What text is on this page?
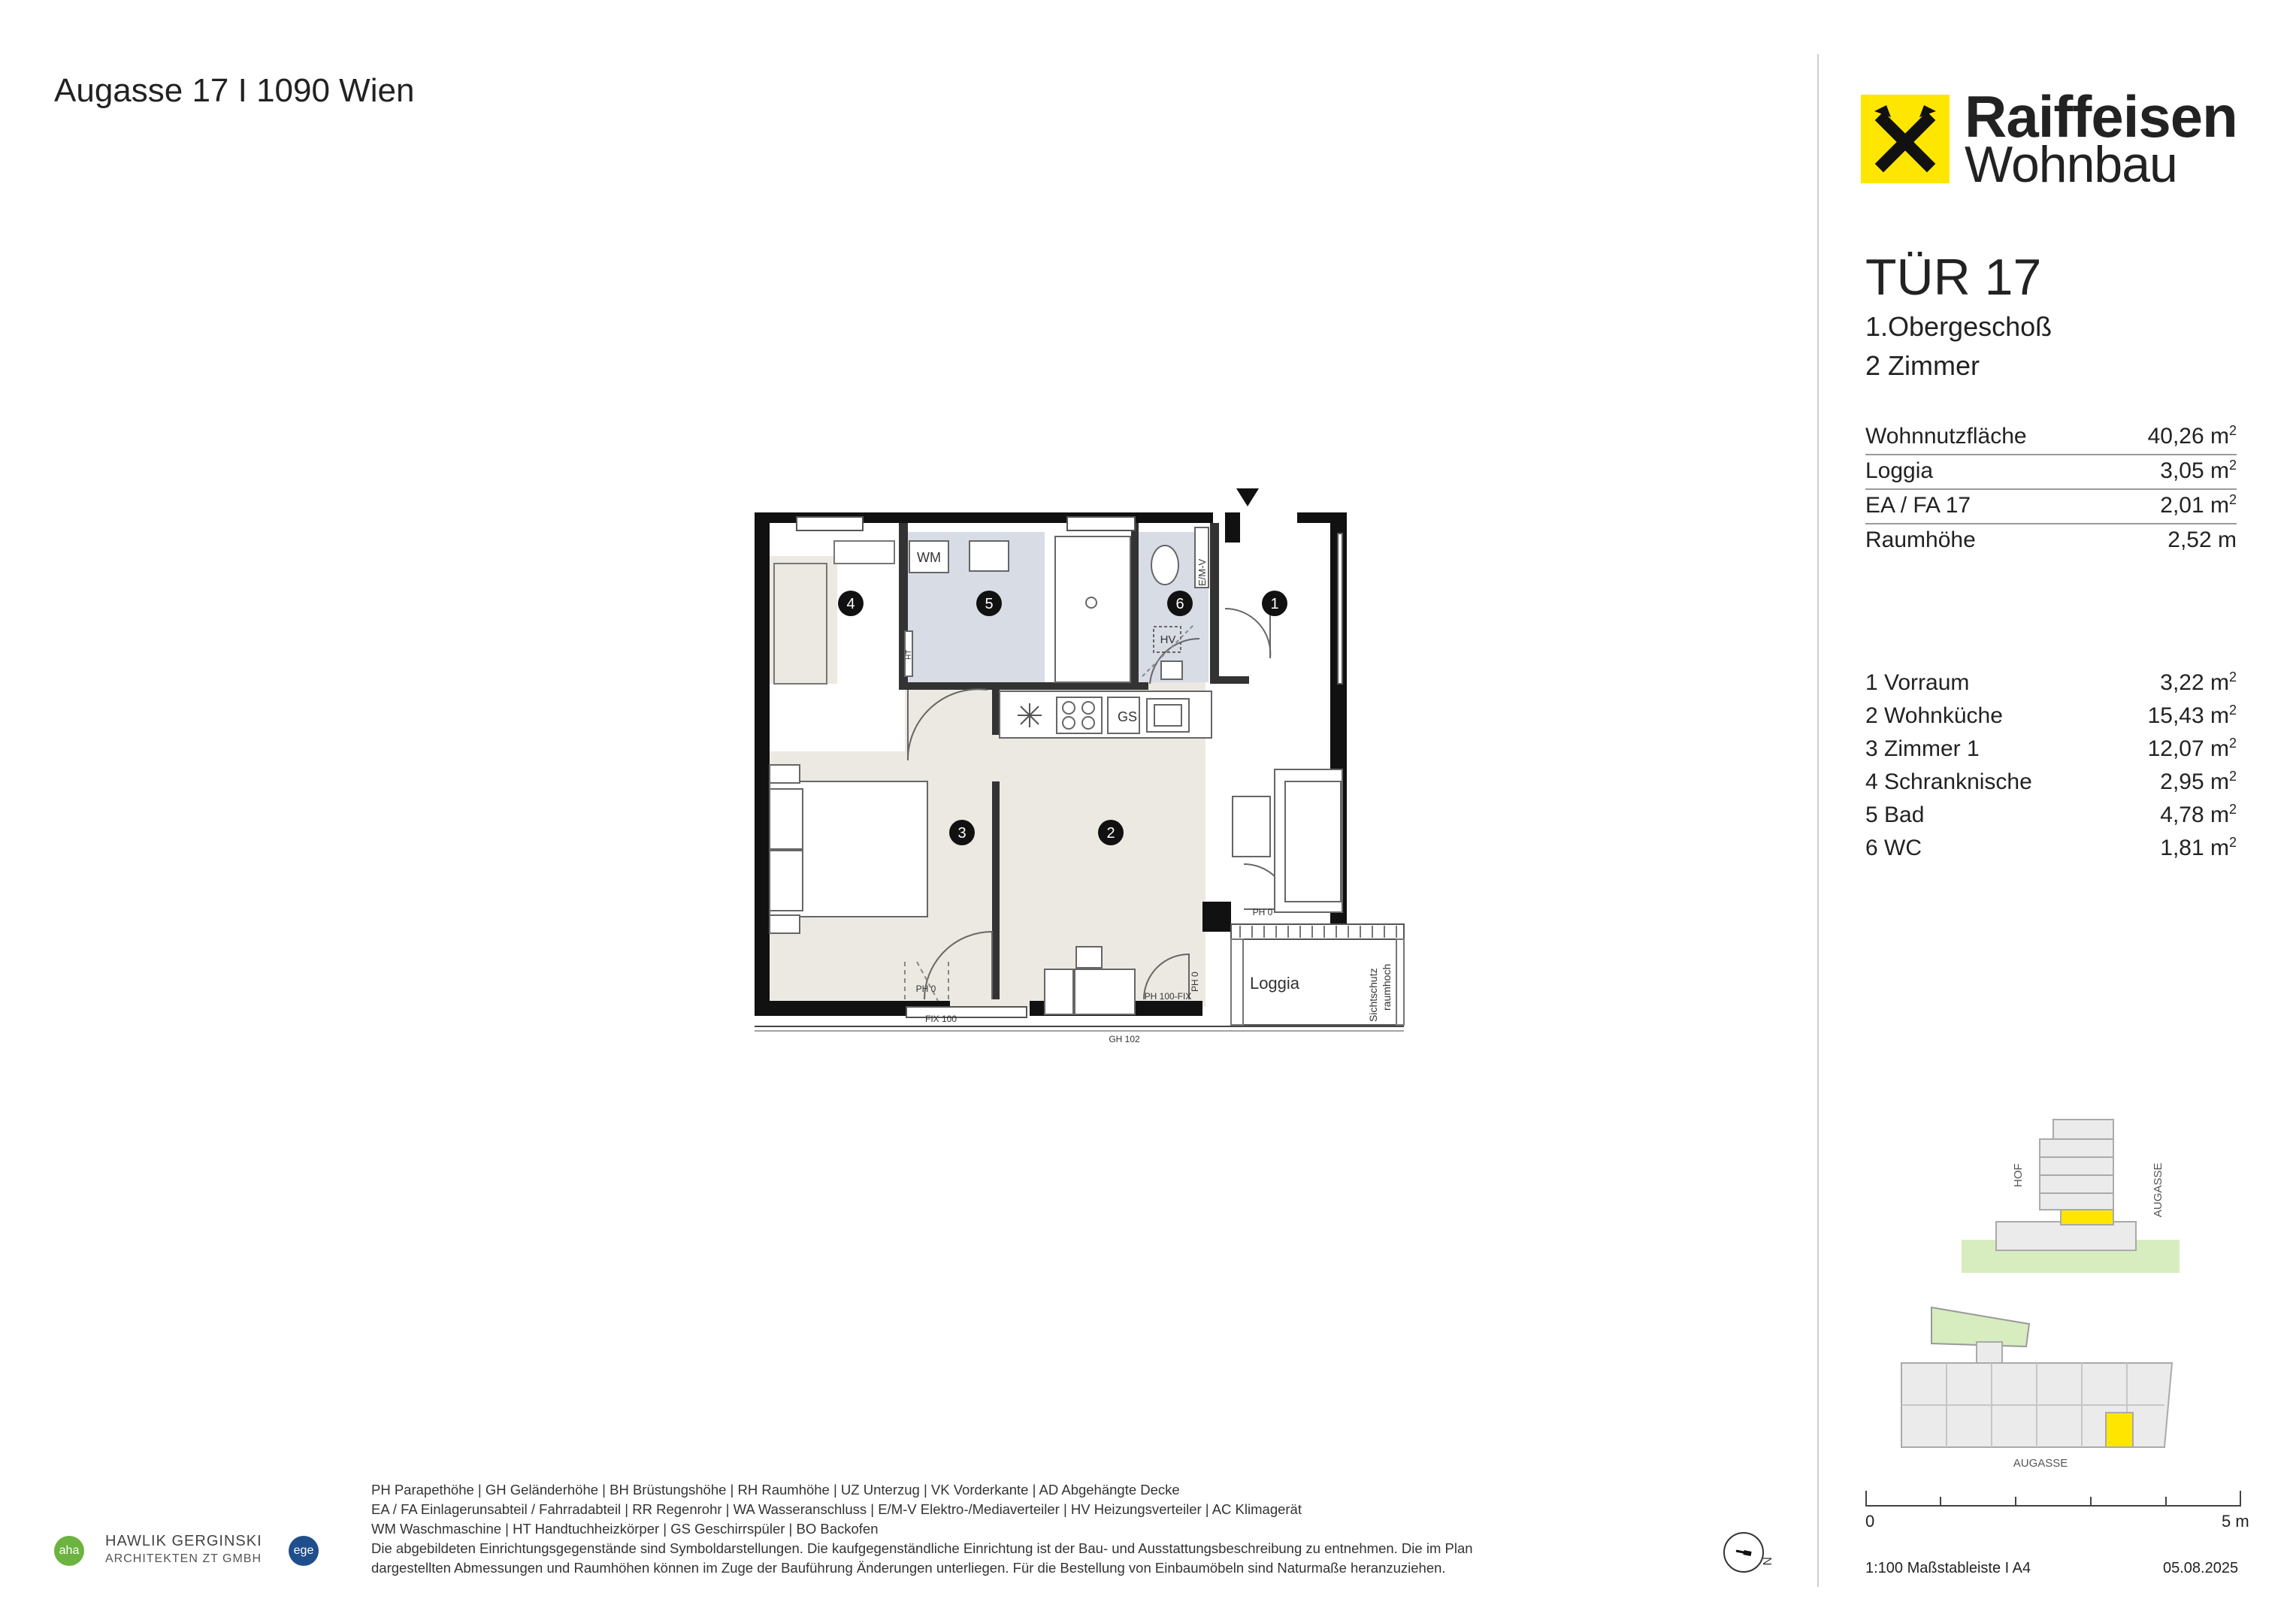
Augasse 17 I 1090 Wien	Raiffeisen
Wohnbau
TÜR 17
1.Obergeschoß
2 Zimmer
Wohnnutzfläche	40,26 $m^2$
Loggia	3,05 $m^2$
EA / FA 17	2,01 $m^2$
Raumhöhe	2,52 m
1 Vorraum	3,22 $m^2$
2 Wohnküche	15,43 $m^2$
3 Zimmer 1	12,07 $m^2$
4 Schranknische	2,95 $m^2$
5 Bad	4,78 $m^2$
6 WC	1,81 $m^2$
4	5	6	1
2
3
WM
GS
HV
E/M-V
HT
Loggia	Sichtschutz raumhoch
PH 0
PH 0
PH 0
PH 100-FIX
FIX 100
GH 102
HOF	AUGASSE
AUGASSE
0	5 m
1:100 Maßstableiste I A4	05.08.2025
N
aha
HAWLIK GERGINSKI
ARCHITEKTEN ZT GMBH
ege
PH Parapethöhe | GH Geländerhöhe | BH Brüstungshöhe | RH Raumhöhe | UZ Unterzug | VK Vorderkante | AD Abgehängte Decke
EA / FA Einlagerunsabteil / Fahrradabteil | RR Regenrohr | WA Wasseranschluss | E/M-V Elektro-/Mediaverteiler | HV Heizungsverteiler | AC Klimagerät
WM Waschmaschine | HT Handtuchheizkörper | GS Geschirrspüler | BO Backofen
Die abgebildeten Einrichtungsgegenstände sind Symboldarstellungen. Die kaufgegenständliche Einrichtung ist der Bau- und Ausstattungsbeschreibung zu entnehmen. Die im Plan
dargestellten Abmessungen und Raumhöhen können im Zuge der Bauführung Änderungen unterliegen. Für die Bestellung von Einbaumöbeln sind Naturmaße heranzuziehen.
